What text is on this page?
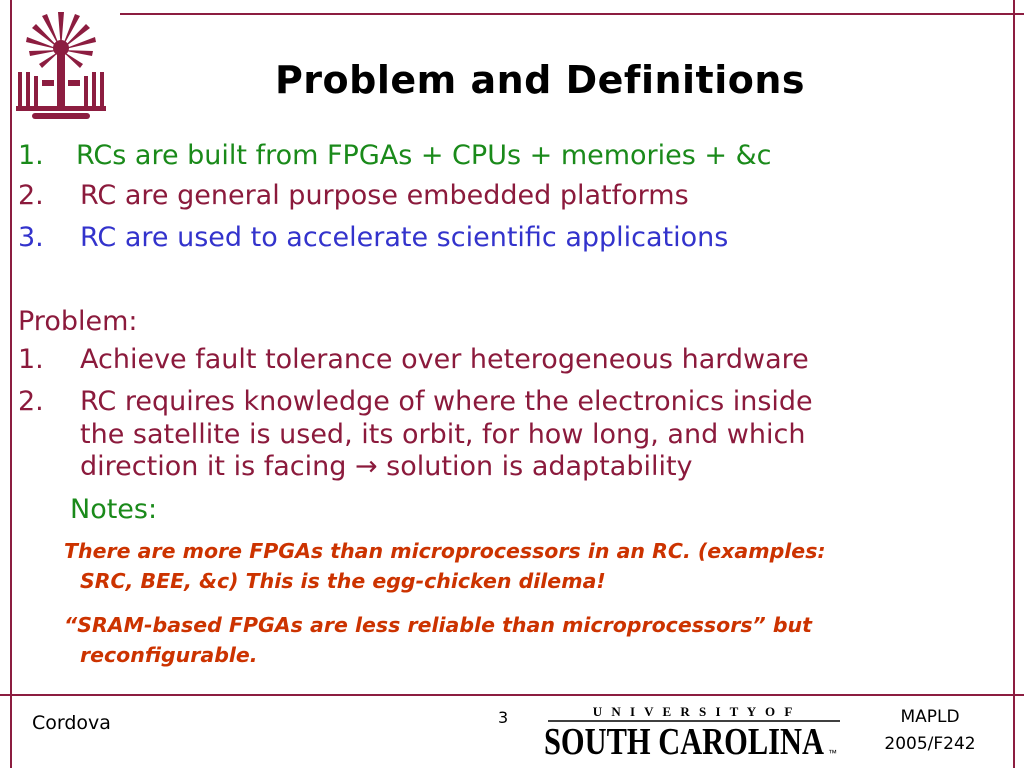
Problem and Definitions
1. RCs are built from FPGAs + CPUs + memories + &c
2. RC are general purpose embedded platforms
3. RC are used to accelerate scientific applications
Problem:
1. Achieve fault tolerance over heterogeneous hardware
2. RC requires knowledge of where the electronics inside
the satellite is used, its orbit, for how long, and which
direction it is facing → solution is adaptability
Notes:
There are more FPGAs than microprocessors in an RC. (examples:
SRC, BEE, &c) This is the egg-chicken dilema!
“SRAM-based FPGAs are less reliable than microprocessors” but
reconfigurable.
Cordova	3	U N I V E R S I T Y O F
SOUTH CAROLINA ™
MAPLD
2005/F242
